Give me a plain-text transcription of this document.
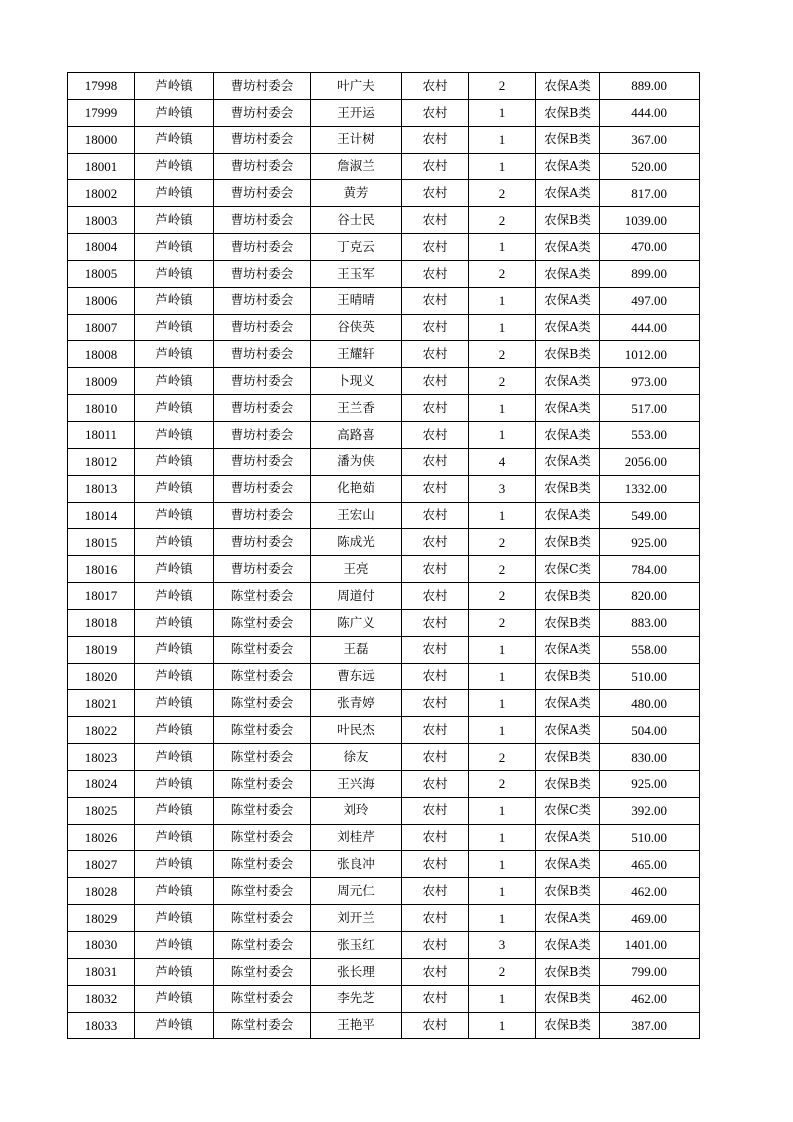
17998	芦岭镇	曹坊村委会	叶广夫	农村	2	农保A类	889.00
17999	芦岭镇	曹坊村委会	王开运	农村	1	农保B类	444.00
18000	芦岭镇	曹坊村委会	王计树	农村	1	农保B类	367.00
18001	芦岭镇	曹坊村委会	詹淑兰	农村	1	农保A类	520.00
18002	芦岭镇	曹坊村委会	黄芳	农村	2	农保A类	817.00
18003	芦岭镇	曹坊村委会	谷士民	农村	2	农保B类	1039.00
18004	芦岭镇	曹坊村委会	丁克云	农村	1	农保A类	470.00
18005	芦岭镇	曹坊村委会	王玉军	农村	2	农保A类	899.00
18006	芦岭镇	曹坊村委会	王晴晴	农村	1	农保A类	497.00
18007	芦岭镇	曹坊村委会	谷侠英	农村	1	农保A类	444.00
18008	芦岭镇	曹坊村委会	王耀轩	农村	2	农保B类	1012.00
18009	芦岭镇	曹坊村委会	卜现义	农村	2	农保A类	973.00
18010	芦岭镇	曹坊村委会	王兰香	农村	1	农保A类	517.00
18011	芦岭镇	曹坊村委会	高路喜	农村	1	农保A类	553.00
18012	芦岭镇	曹坊村委会	潘为侠	农村	4	农保A类	2056.00
18013	芦岭镇	曹坊村委会	化艳茹	农村	3	农保B类	1332.00
18014	芦岭镇	曹坊村委会	王宏山	农村	1	农保A类	549.00
18015	芦岭镇	曹坊村委会	陈成光	农村	2	农保B类	925.00
18016	芦岭镇	曹坊村委会	王亮	农村	2	农保C类	784.00
18017	芦岭镇	陈堂村委会	周道付	农村	2	农保B类	820.00
18018	芦岭镇	陈堂村委会	陈广义	农村	2	农保B类	883.00
18019	芦岭镇	陈堂村委会	王磊	农村	1	农保A类	558.00
18020	芦岭镇	陈堂村委会	曹东远	农村	1	农保B类	510.00
18021	芦岭镇	陈堂村委会	张青婷	农村	1	农保A类	480.00
18022	芦岭镇	陈堂村委会	叶民杰	农村	1	农保A类	504.00
18023	芦岭镇	陈堂村委会	徐友	农村	2	农保B类	830.00
18024	芦岭镇	陈堂村委会	王兴海	农村	2	农保B类	925.00
18025	芦岭镇	陈堂村委会	刘玲	农村	1	农保C类	392.00
18026	芦岭镇	陈堂村委会	刘桂芹	农村	1	农保A类	510.00
18027	芦岭镇	陈堂村委会	张良冲	农村	1	农保A类	465.00
18028	芦岭镇	陈堂村委会	周元仁	农村	1	农保B类	462.00
18029	芦岭镇	陈堂村委会	刘开兰	农村	1	农保A类	469.00
18030	芦岭镇	陈堂村委会	张玉红	农村	3	农保A类	1401.00
18031	芦岭镇	陈堂村委会	张长理	农村	2	农保B类	799.00
18032	芦岭镇	陈堂村委会	李先芝	农村	1	农保B类	462.00
18033	芦岭镇	陈堂村委会	王艳平	农村	1	农保B类	387.00
